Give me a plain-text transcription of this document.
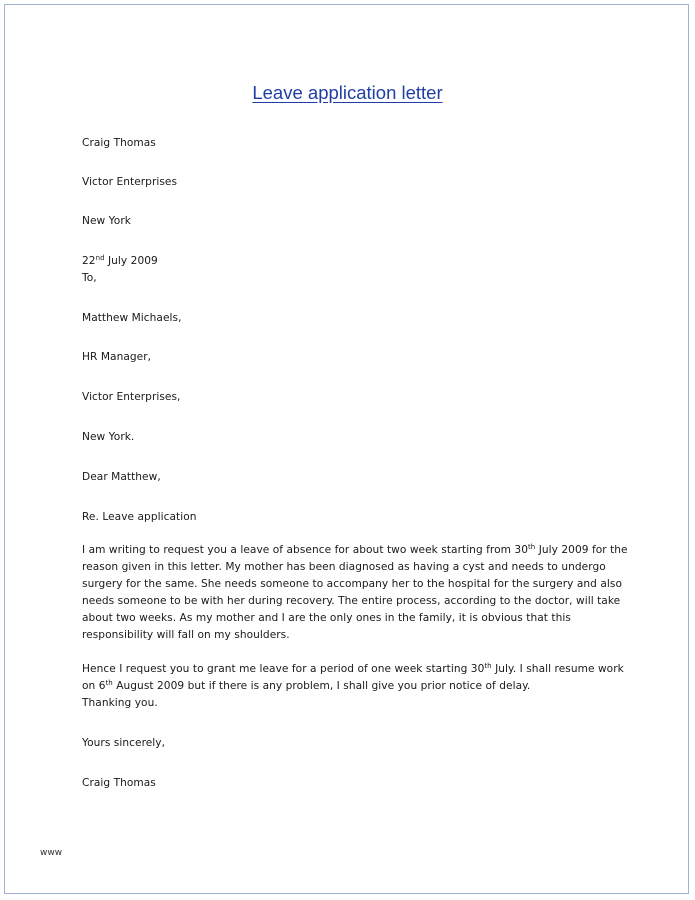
Leave application letter
Craig Thomas
Victor Enterprises
New York
22nd July 2009
To,
Matthew Michaels,
HR Manager,
Victor Enterprises,
New York.
Dear Matthew,
Re. Leave application
I am writing to request you a leave of absence for about two week starting from 30th July 2009 for the
reason given in this letter. My mother has been diagnosed as having a cyst and needs to undergo
surgery for the same. She needs someone to accompany her to the hospital for the surgery and also
needs someone to be with her during recovery. The entire process, according to the doctor, will take
about two weeks. As my mother and I are the only ones in the family, it is obvious that this
responsibility will fall on my shoulders.
Hence I request you to grant me leave for a period of one week starting 30th July. I shall resume work
on 6th August 2009 but if there is any problem, I shall give you prior notice of delay.
Thanking you.
Yours sincerely,
Craig Thomas
www
